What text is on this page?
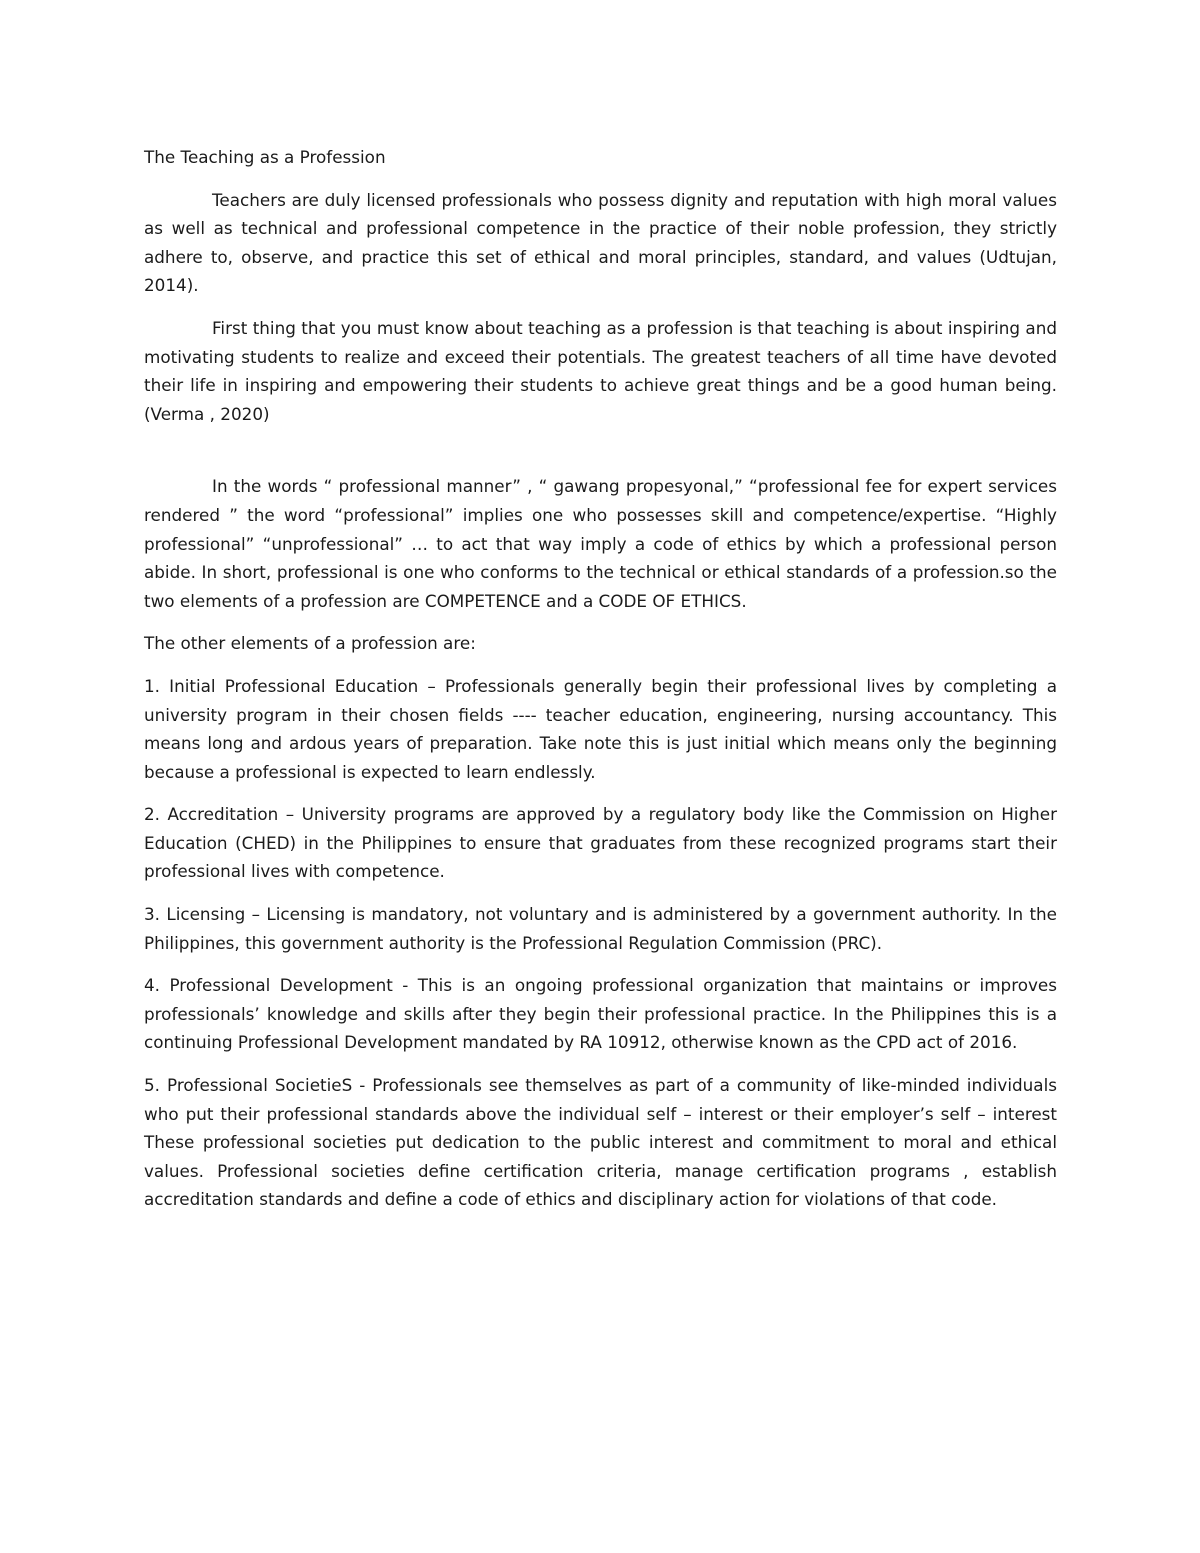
The Teaching as a Profession

Teachers are duly licensed professionals who possess dignity and reputation with high moral values as well as technical and professional competence in the practice of their noble profession, they strictly adhere to, observe, and practice this set of ethical and moral principles, standard, and values (Udtujan, 2014).

First thing that you must know about teaching as a profession is that teaching is about inspiring and motivating students to realize and exceed their potentials. The greatest teachers of all time have devoted their life in inspiring and empowering their students to achieve great things and be a good human being. (Verma , 2020)

In the words “ professional manner” , “ gawang propesyonal,” “professional fee for expert services rendered ” the word “professional” implies one who possesses skill and competence/expertise. “Highly professional” “unprofessional” … to act that way imply a code of ethics by which a professional person abide. In short, professional is one who conforms to the technical or ethical standards of a profession.so the two elements of a profession are COMPETENCE and a CODE OF ETHICS.

The other elements of a profession are:

1. Initial Professional Education – Professionals generally begin their professional lives by completing a university program in their chosen fields ---- teacher education, engineering, nursing accountancy. This means long and ardous years of preparation. Take note this is just initial which means only the beginning because a professional is expected to learn endlessly.

2. Accreditation – University programs are approved by a regulatory body like the Commission on Higher Education (CHED) in the Philippines to ensure that graduates from these recognized programs start their professional lives with competence.

3. Licensing – Licensing is mandatory, not voluntary and is administered by a government authority. In the Philippines, this government authority is the Professional Regulation Commission (PRC).

4. Professional Development - This is an ongoing professional organization that maintains or improves professionals’ knowledge and skills after they begin their professional practice. In the Philippines this is a continuing Professional Development mandated by RA 10912, otherwise known as the CPD act of 2016.

5. Professional SocietieS - Professionals see themselves as part of a community of like-minded individuals who put their professional standards above the individual self – interest or their employer’s self – interest These professional societies put dedication to the public interest and commitment to moral and ethical values. Professional societies define certification criteria, manage certification programs , establish accreditation standards and define a code of ethics and disciplinary action for violations of that code.
